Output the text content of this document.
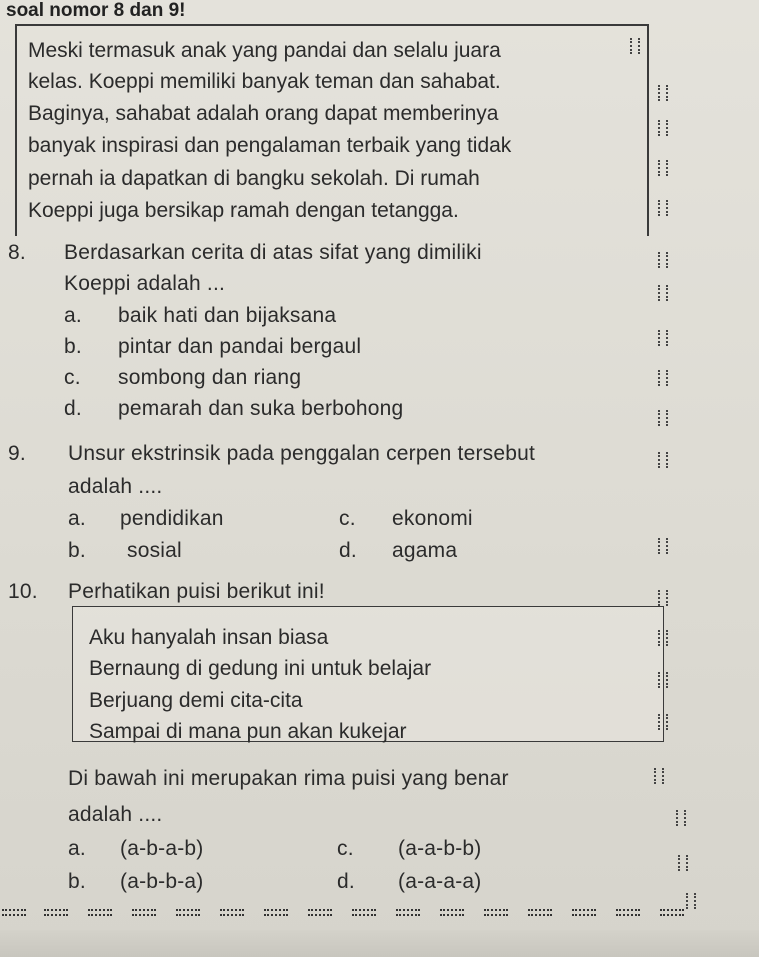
soal nomor 8 dan 9!
Meski termasuk anak yang pandai dan selalu juara
kelas. Koeppi memiliki banyak teman dan sahabat.
Baginya, sahabat adalah orang dapat memberinya
banyak inspirasi dan pengalaman terbaik yang tidak
pernah ia dapatkan di bangku sekolah. Di rumah
Koeppi juga bersikap ramah dengan tetangga.
8. Berdasarkan cerita di atas sifat yang dimiliki
Koeppi adalah ...
a. baik hati dan bijaksana
b. pintar dan pandai bergaul
c. sombong dan riang
d. pemarah dan suka berbohong
9. Unsur ekstrinsik pada penggalan cerpen tersebut
adalah ....
a. pendidikan
b. sosial
c. ekonomi
d. agama
10. Perhatikan puisi berikut ini!
Aku hanyalah insan biasa
Bernaung di gedung ini untuk belajar
Berjuang demi cita-cita
Sampai di mana pun akan kukejar
Di bawah ini merupakan rima puisi yang benar
adalah ....
a. (a-b-a-b)
b. (a-b-b-a)
c. (a-a-b-b)
d. (a-a-a-a)
